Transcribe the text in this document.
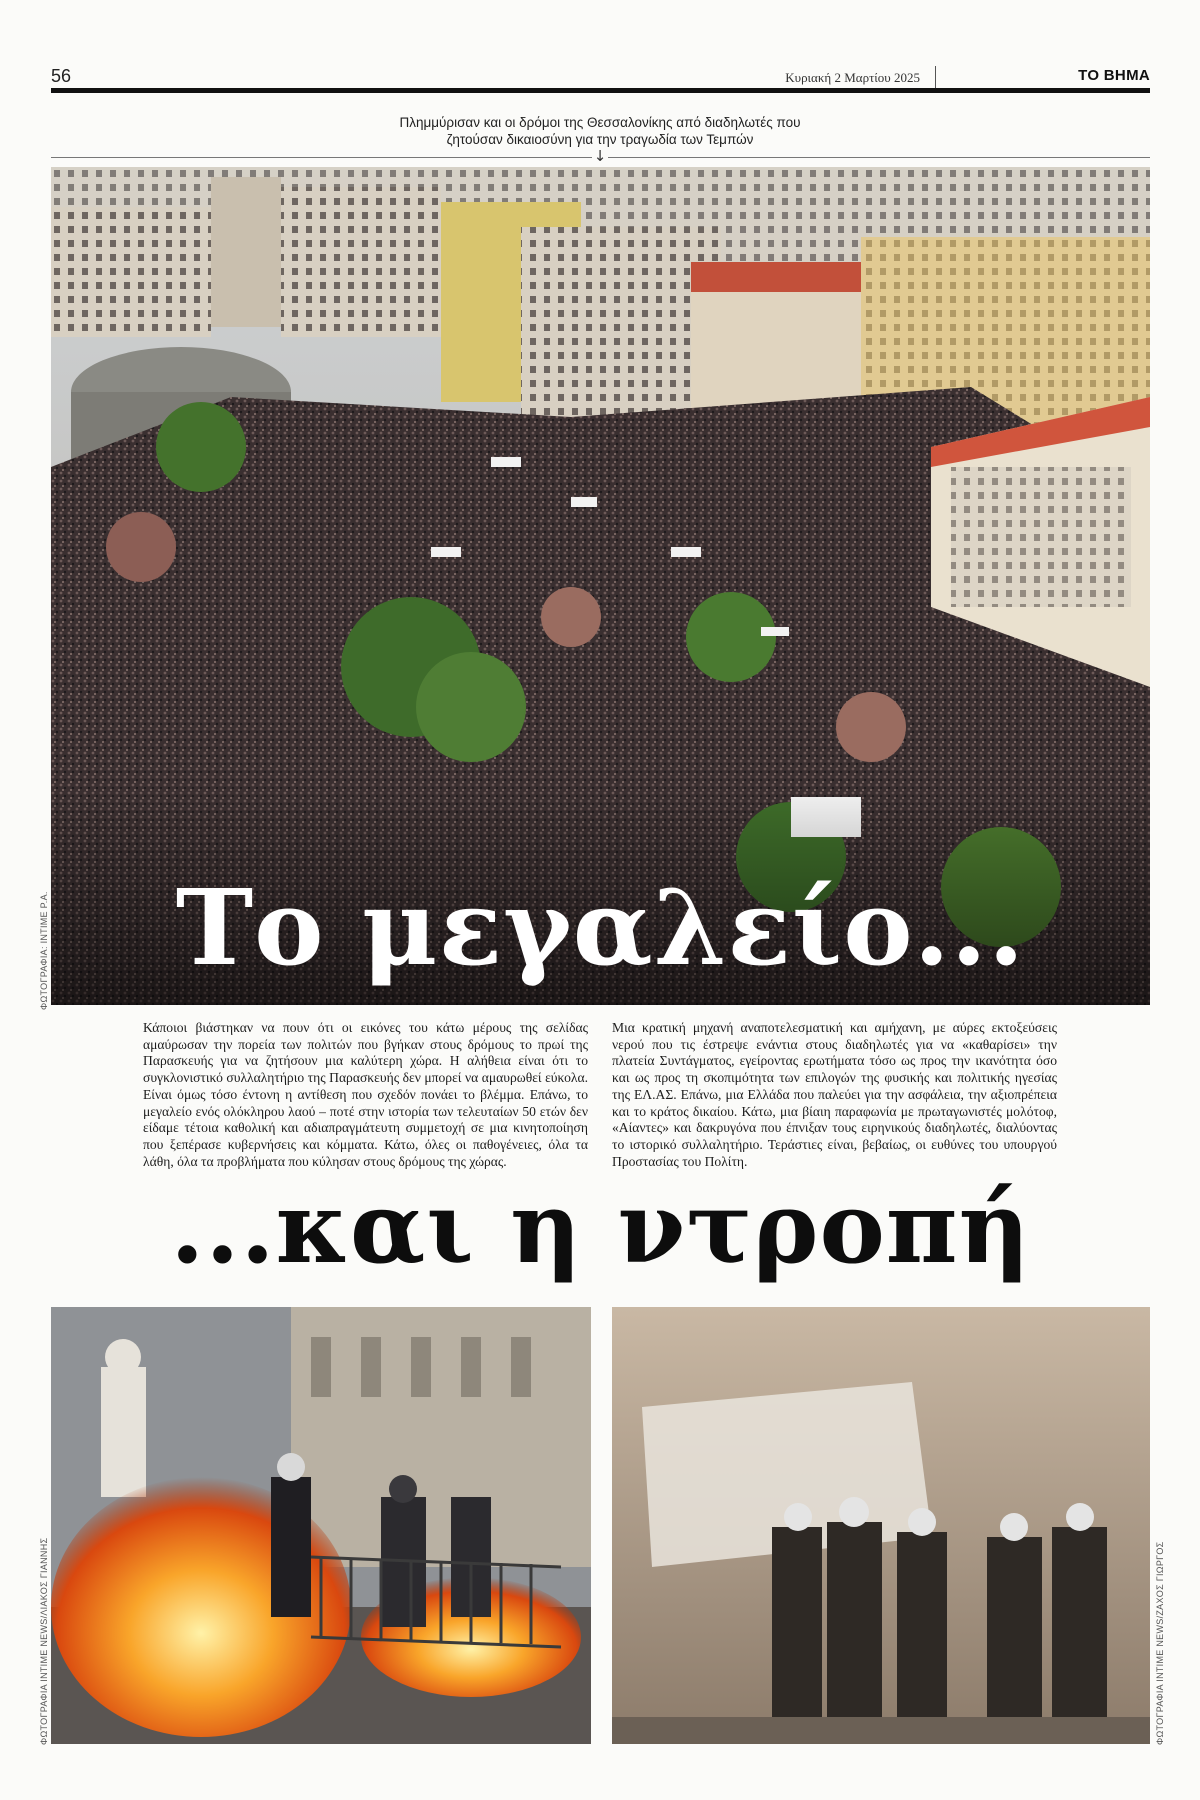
56	Κυριακή 2 Μαρτίου 2025	ΤΟ ΒΗΜΑ
Πλημμύρισαν και οι δρόμοι της Θεσσαλονίκης από διαδηλωτές που
ζητούσαν δικαιοσύνη για την τραγωδία των Τεμπών
↓
Το μεγαλείο...
ΦΩΤΟΓΡΑΦΙΑ: INTIME P.A.
Κάποιοι βιάστηκαν να πουν ότι οι εικόνες του κάτω μέρους της σελίδας αμαύρωσαν την πορεία των πολιτών που βγήκαν στους δρόμους το πρωί της Παρασκευής για να ζητήσουν μια καλύτερη χώρα. Η αλήθεια είναι ότι το συγκλονιστικό συλλαλητήριο της Παρασκευής δεν μπορεί να αμαυρωθεί εύκολα. Είναι όμως τόσο έντονη η αντίθεση που σχεδόν πονάει το βλέμμα. Επάνω, το μεγαλείο ενός ολόκληρου λαού – ποτέ στην ιστορία των τελευταίων 50 ετών δεν είδαμε τέτοια καθολική και αδιαπραγμάτευτη συμμετοχή σε μια κινητοποίηση που ξεπέρασε κυβερνήσεις και κόμματα. Κάτω, όλες οι παθογένειες, όλα τα λάθη, όλα τα προβλήματα που κύλησαν στους δρόμους της χώρας.
Μια κρατική μηχανή αναποτελεσματική και αμήχανη, με αύρες εκτοξεύσεις νερού που τις έστρεψε ενάντια στους διαδηλωτές για να «καθαρίσει» την πλατεία Συντάγματος, εγείροντας ερωτήματα τόσο ως προς την ικανότητα όσο και ως προς τη σκοπιμότητα των επιλογών της φυσικής και πολιτικής ηγεσίας της ΕΛ.ΑΣ. Επάνω, μια Ελλάδα που παλεύει για την ασφάλεια, την αξιοπρέπεια και το κράτος δικαίου. Κάτω, μια βίαιη παραφωνία με πρωταγωνιστές μολότοφ, «Αίαντες» και δακρυγόνα που έπνιξαν τους ειρηνικούς διαδηλωτές, διαλύοντας το ιστορικό συλλαλητήριο. Τεράστιες είναι, βεβαίως, οι ευθύνες του υπουργού Προστασίας του Πολίτη.
...και η ντροπή
ΦΩΤΟΓΡΑΦΙΑ INTIME NEWS/ΛΙΑΚΟΣ ΓΙΑΝΝΗΣ	ΦΩΤΟΓΡΑΦΙΑ INTIME NEWS/ΖΑΧΟΣ ΓΙΩΡΓΟΣ
